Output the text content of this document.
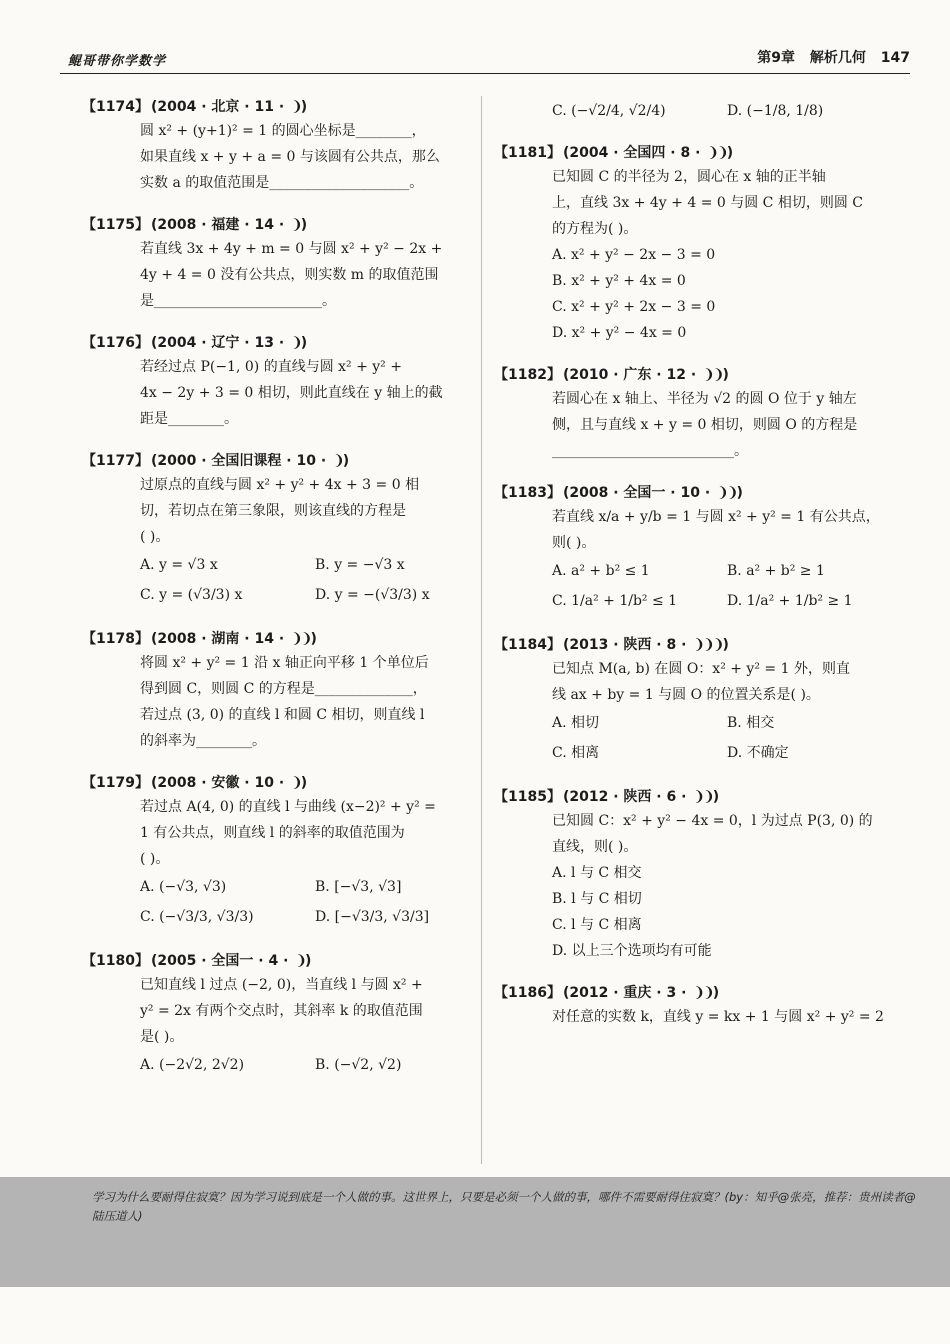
鲲哥带你学数学	第9章 解析几何 147
【1174】 (2004 · 北京 · 11 · ❩)

圆 x² + (y+1)² = 1 的圆心坐标是________，

如果直线 x + y + a = 0 与该圆有公共点，那么

实数 a 的取值范围是____________________。

【1175】 (2008 · 福建 · 14 · ❩)

若直线 3x + 4y + m = 0 与圆 x² + y² − 2x +

4y + 4 = 0 没有公共点，则实数 m 的取值范围

是________________________。

【1176】 (2004 · 辽宁 · 13 · ❩)

若经过点 P(−1, 0) 的直线与圆 x² + y² +

4x − 2y + 3 = 0 相切，则此直线在 y 轴上的截

距是________。

【1177】 (2000 · 全国旧课程 · 10 · ❩)

过原点的直线与圆 x² + y² + 4x + 3 = 0 相

切，若切点在第三象限，则该直线的方程是

( )。

A. y = √3 x	B. y = −√3 x
C. y = (√3/3) x	D. y = −(√3/3) x
【1178】 (2008 · 湖南 · 14 · ❩❩)

将圆 x² + y² = 1 沿 x 轴正向平移 1 个单位后

得到圆 C，则圆 C 的方程是______________，

若过点 (3, 0) 的直线 l 和圆 C 相切，则直线 l

的斜率为________。

【1179】 (2008 · 安徽 · 10 · ❩)

若过点 A(4, 0) 的直线 l 与曲线 (x−2)² + y² =

1 有公共点，则直线 l 的斜率的取值范围为

( )。

A. (−√3, √3)	B. [−√3, √3]
C. (−√3/3, √3/3)	D. [−√3/3, √3/3]
【1180】 (2005 · 全国一 · 4 · ❩)

已知直线 l 过点 (−2, 0)，当直线 l 与圆 x² +

y² = 2x 有两个交点时，其斜率 k 的取值范围

是( )。

A. (−2√2, 2√2)	B. (−√2, √2)
C. (−√2/4, √2/4)	D. (−1/8, 1/8)
【1181】 (2004 · 全国四 · 8 · ❩❩)

已知圆 C 的半径为 2，圆心在 x 轴的正半轴

上，直线 3x + 4y + 4 = 0 与圆 C 相切，则圆 C

的方程为( )。

A. x² + y² − 2x − 3 = 0
B. x² + y² + 4x = 0
C. x² + y² + 2x − 3 = 0
D. x² + y² − 4x = 0
【1182】 (2010 · 广东 · 12 · ❩❩)

若圆心在 x 轴上、半径为 √2 的圆 O 位于 y 轴左

侧，且与直线 x + y = 0 相切，则圆 O 的方程是

__________________________。

【1183】 (2008 · 全国一 · 10 · ❩❩)

若直线 x/a + y/b = 1 与圆 x² + y² = 1 有公共点，

则( )。

A. a² + b² ≤ 1	B. a² + b² ≥ 1
C. 1/a² + 1/b² ≤ 1	D. 1/a² + 1/b² ≥ 1
【1184】 (2013 · 陕西 · 8 · ❩❩❩)

已知点 M(a, b) 在圆 O：x² + y² = 1 外，则直

线 ax + by = 1 与圆 O 的位置关系是( )。

A. 相切	B. 相交
C. 相离	D. 不确定
【1185】 (2012 · 陕西 · 6 · ❩❩)

已知圆 C：x² + y² − 4x = 0，l 为过点 P(3, 0) 的

直线，则( )。

A. l 与 C 相交
B. l 与 C 相切
C. l 与 C 相离
D. 以上三个选项均有可能
【1186】 (2012 · 重庆 · 3 · ❩❩)

对任意的实数 k，直线 y = kx + 1 与圆 x² + y² = 2

学习为什么要耐得住寂寞？因为学习说到底是一个人做的事。这世界上，只要是必须一个人做的事，哪件不需要耐得住寂寞？(by：知乎@张亮，推荐：贵州读者@陆压道人)
